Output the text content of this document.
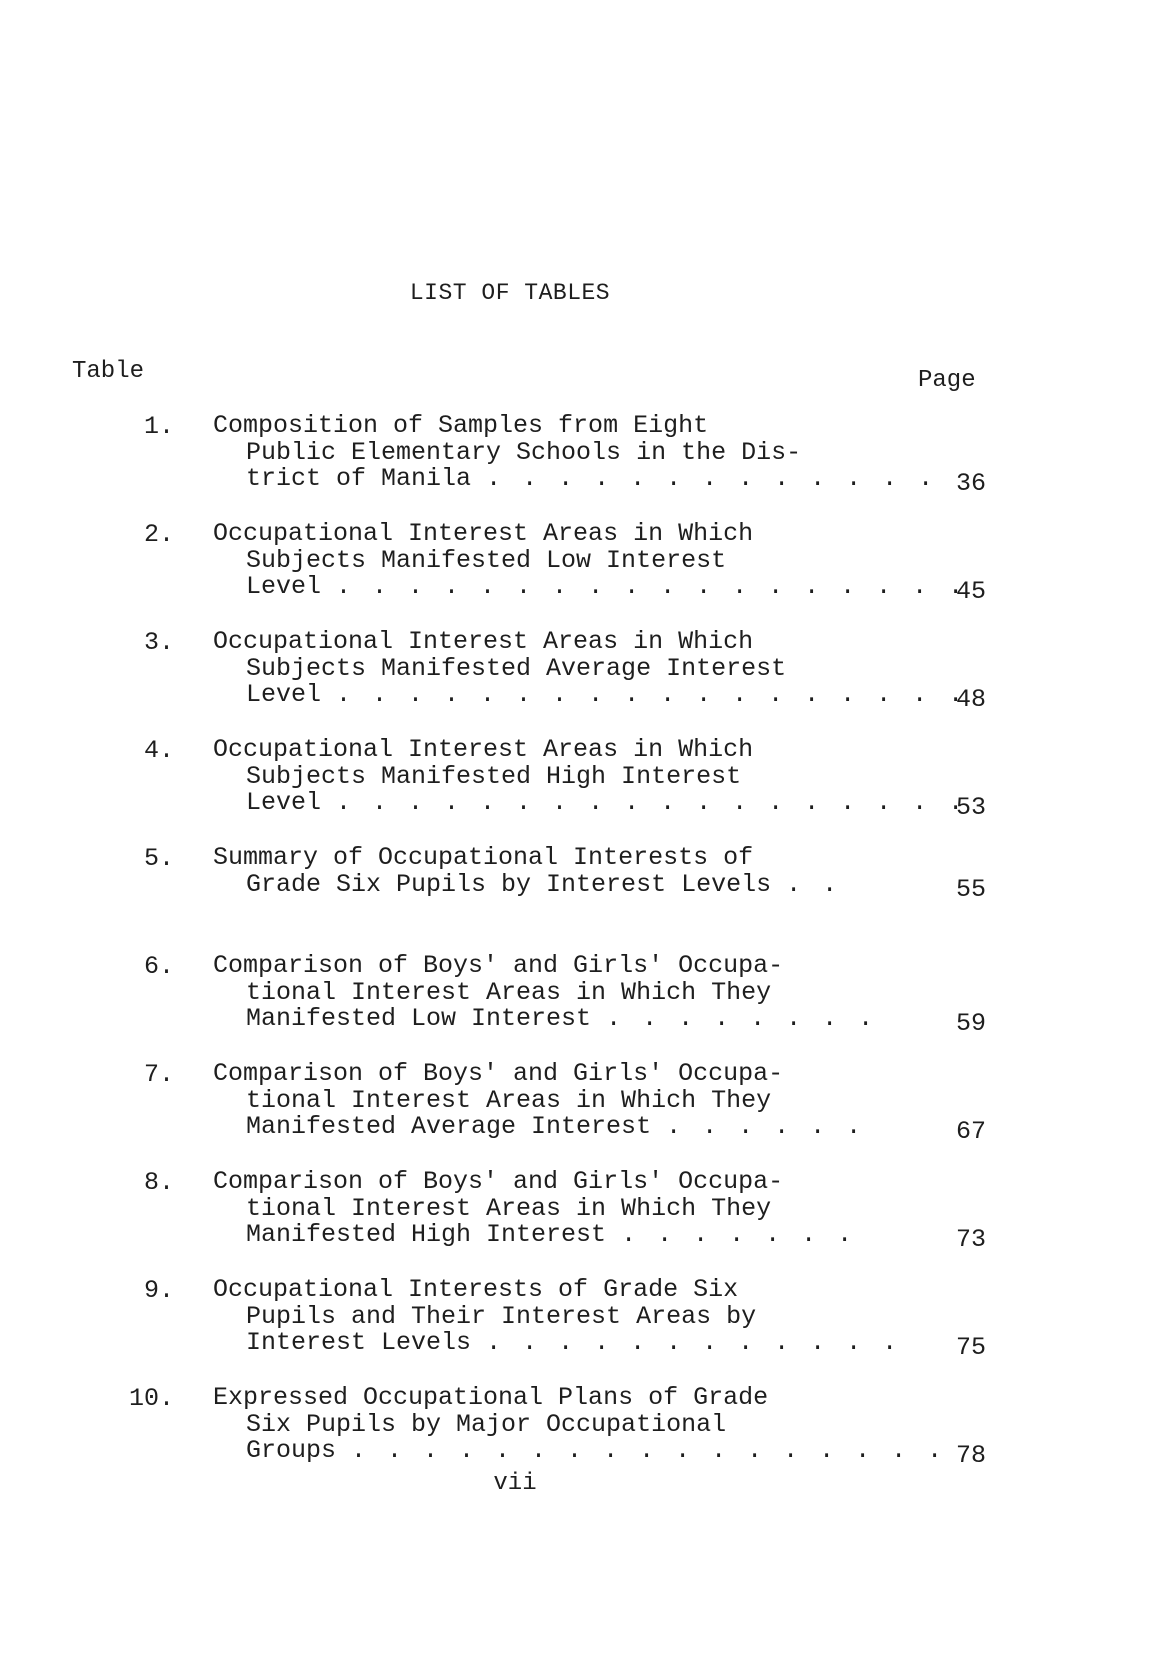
LIST OF TABLES
Table	Page
1. Composition of Samples from Eight
Public Elementary Schools in the Dis-
trict of Manila . . . . . . . . . . . . . 36
2. Occupational Interest Areas in Which
Subjects Manifested Low Interest
Level . . . . . . . . . . . . . . . . . .
45
3. Occupational Interest Areas in Which
Subjects Manifested Average Interest
Level . . . . . . . . . . . . . . . . . .
48
4. Occupational Interest Areas in Which
Subjects Manifested High Interest
Level . . . . . . . . . . . . . . . . . .
53
5. Summary of Occupational Interests of
Grade Six Pupils by Interest Levels . .	55
6. Comparison of Boys' and Girls' Occupa-
tional Interest Areas in Which They
Manifested Low Interest . . . . . . . .	59
7. Comparison of Boys' and Girls' Occupa-
tional Interest Areas in Which They
Manifested Average Interest . . . . . .	67
8. Comparison of Boys' and Girls' Occupa-
tional Interest Areas in Which They
Manifested High Interest . . . . . . .	73
9. Occupational Interests of Grade Six
Pupils and Their Interest Areas by
Interest Levels . . . . . . . . . . . .	75
10. Expressed Occupational Plans of Grade
Six Pupils by Major Occupational
Groups . . . . . . . . . . . . . . . . . 78
vii
